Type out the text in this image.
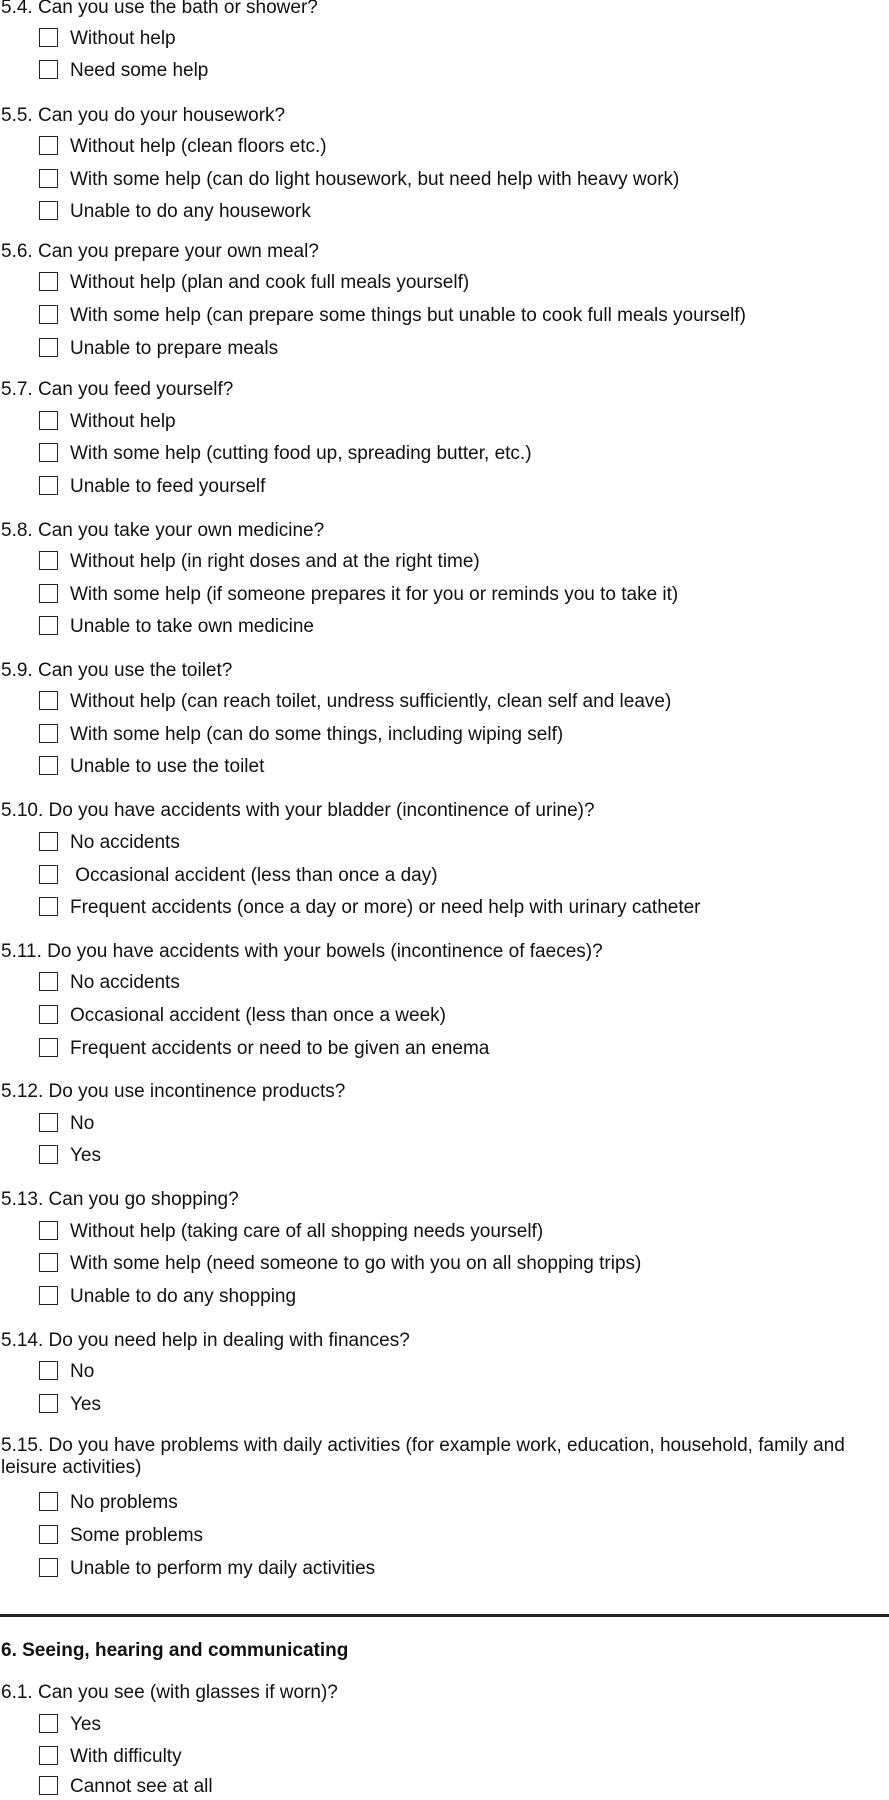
5.4. Can you use the bath or shower?
Without help
Need some help
5.5. Can you do your housework?
Without help (clean floors etc.)
With some help (can do light housework, but need help with heavy work)
Unable to do any housework
5.6. Can you prepare your own meal?
Without help (plan and cook full meals yourself)
With some help (can prepare some things but unable to cook full meals yourself)
Unable to prepare meals
5.7. Can you feed yourself?
Without help
With some help (cutting food up, spreading butter, etc.)
Unable to feed yourself
5.8. Can you take your own medicine?
Without help (in right doses and at the right time)
With some help (if someone prepares it for you or reminds you to take it)
Unable to take own medicine
5.9. Can you use the toilet?
Without help (can reach toilet, undress sufficiently, clean self and leave)
With some help (can do some things, including wiping self)
Unable to use the toilet
5.10. Do you have accidents with your bladder (incontinence of urine)?
No accidents
Occasional accident (less than once a day)
Frequent accidents (once a day or more) or need help with urinary catheter
5.11. Do you have accidents with your bowels (incontinence of faeces)?
No accidents
Occasional accident (less than once a week)
Frequent accidents or need to be given an enema
5.12. Do you use incontinence products?
No
Yes
5.13. Can you go shopping?
Without help (taking care of all shopping needs yourself)
With some help (need someone to go with you on all shopping trips)
Unable to do any shopping
5.14. Do you need help in dealing with finances?
No
Yes
5.15. Do you have problems with daily activities (for example work, education, household, family and leisure activities)
No problems
Some problems
Unable to perform my daily activities
6. Seeing, hearing and communicating
6.1. Can you see (with glasses if worn)?
Yes
With difficulty
Cannot see at all
